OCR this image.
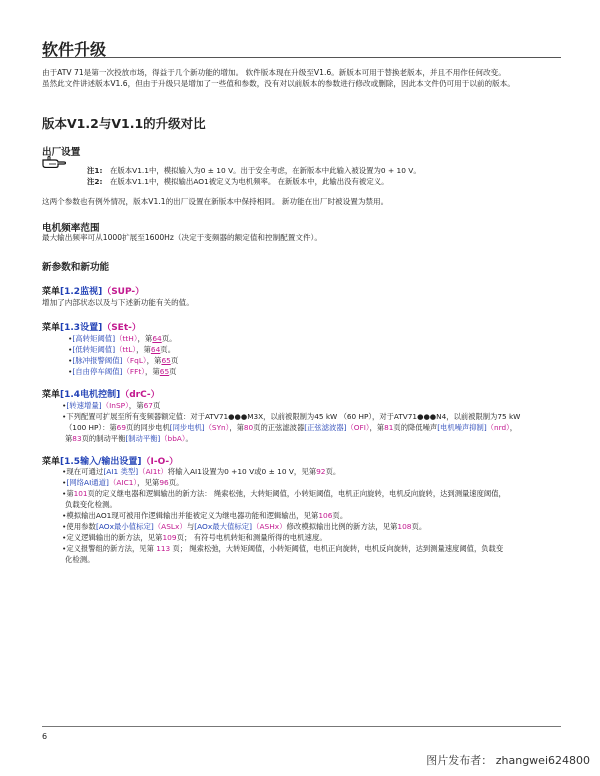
软件升级
由于ATV 71是第一次投放市场，得益于几个新功能的增加。 软件版本现在升级至V1.6。新版本可用于替换老版本，并且不用作任何改变。
虽然此文件讲述版本V1.6，但由于升级只是增加了一些值和参数，没有对以前版本的参数进行修改或删除，因此本文件仍可用于以前的版本。
版本V1.2与V1.1的升级对比
出厂设置
注1: 在版本V1.1中，模拟输入为0 ± 10 V。出于安全考虑，在新版本中此输入被设置为0 + 10 V。
注2: 在版本V1.1中，模拟输出AO1被定义为电机频率。 在新版本中，此输出没有被定义。
这两个参数也有例外情况，版本V1.1的出厂设置在新版本中保持相同。 新功能在出厂时被设置为禁用。
电机频率范围
最大输出频率可从1000扩展至1600Hz（决定于变频器的额定值和控制配置文件）。
新参数和新功能
菜单[1.2监视]（SUP-）
增加了内部状态以及与下述新功能有关的值。
菜单[1.3设置]（SEt-）
•[高转矩阈值]（ttH），第64页。
•[低转矩阈值]（ttL），第64页。
•[脉冲报警阈值]（FqL），第65页
•[自由停车阈值]（FFt），第65页
菜单[1.4电机控制]（drC-）
•[转速增量]（InSP），第67页
•下列配置可扩展至所有变频器额定值：对于ATV71●●●M3X，以前被限制为45 kW （60 HP），对于ATV71●●●N4，以前被限制为75 kW
（100 HP）：第69页的同步电机[同步电机]（SYn），第80页的正弦滤波器[正弦滤波器]（OFI），第81页的降低噪声[电机噪声抑制]（nrd），
第83页的制动平衡[制动平衡]（bbA）。
菜单[1.5输入/输出设置]（I-O-）
•现在可通过[AI1 类型]（AI1t）将输入AI1设置为0 +10 V或0 ± 10 V，见第92页。
•[网络AI通道]（AIC1），见第96页。
•第101页的定义继电器和逻辑输出的新方法： 绳索松弛，大转矩阈值，小转矩阈值，电机正向旋转，电机反向旋转，达到测量速度阈值，
负载变化检测。
•模拟输出AO1现可被用作逻辑输出并能被定义为继电器功能和逻辑输出，见第106页。
•使用参数[AOx最小值标定]（ASLx）与[AOx最大值标定]（ASHx）修改模拟输出比例的新方法，见第108页。
•定义逻辑输出的新方法，见第109页； 有符号电机转矩和测量所得的电机速度。
•定义报警组的新方法，见第 113 页； 绳索松弛，大转矩阈值，小转矩阈值，电机正向旋转，电机反向旋转，达到测量速度阈值，负载变
化检测。
6
图片发布者： zhangwei624800
